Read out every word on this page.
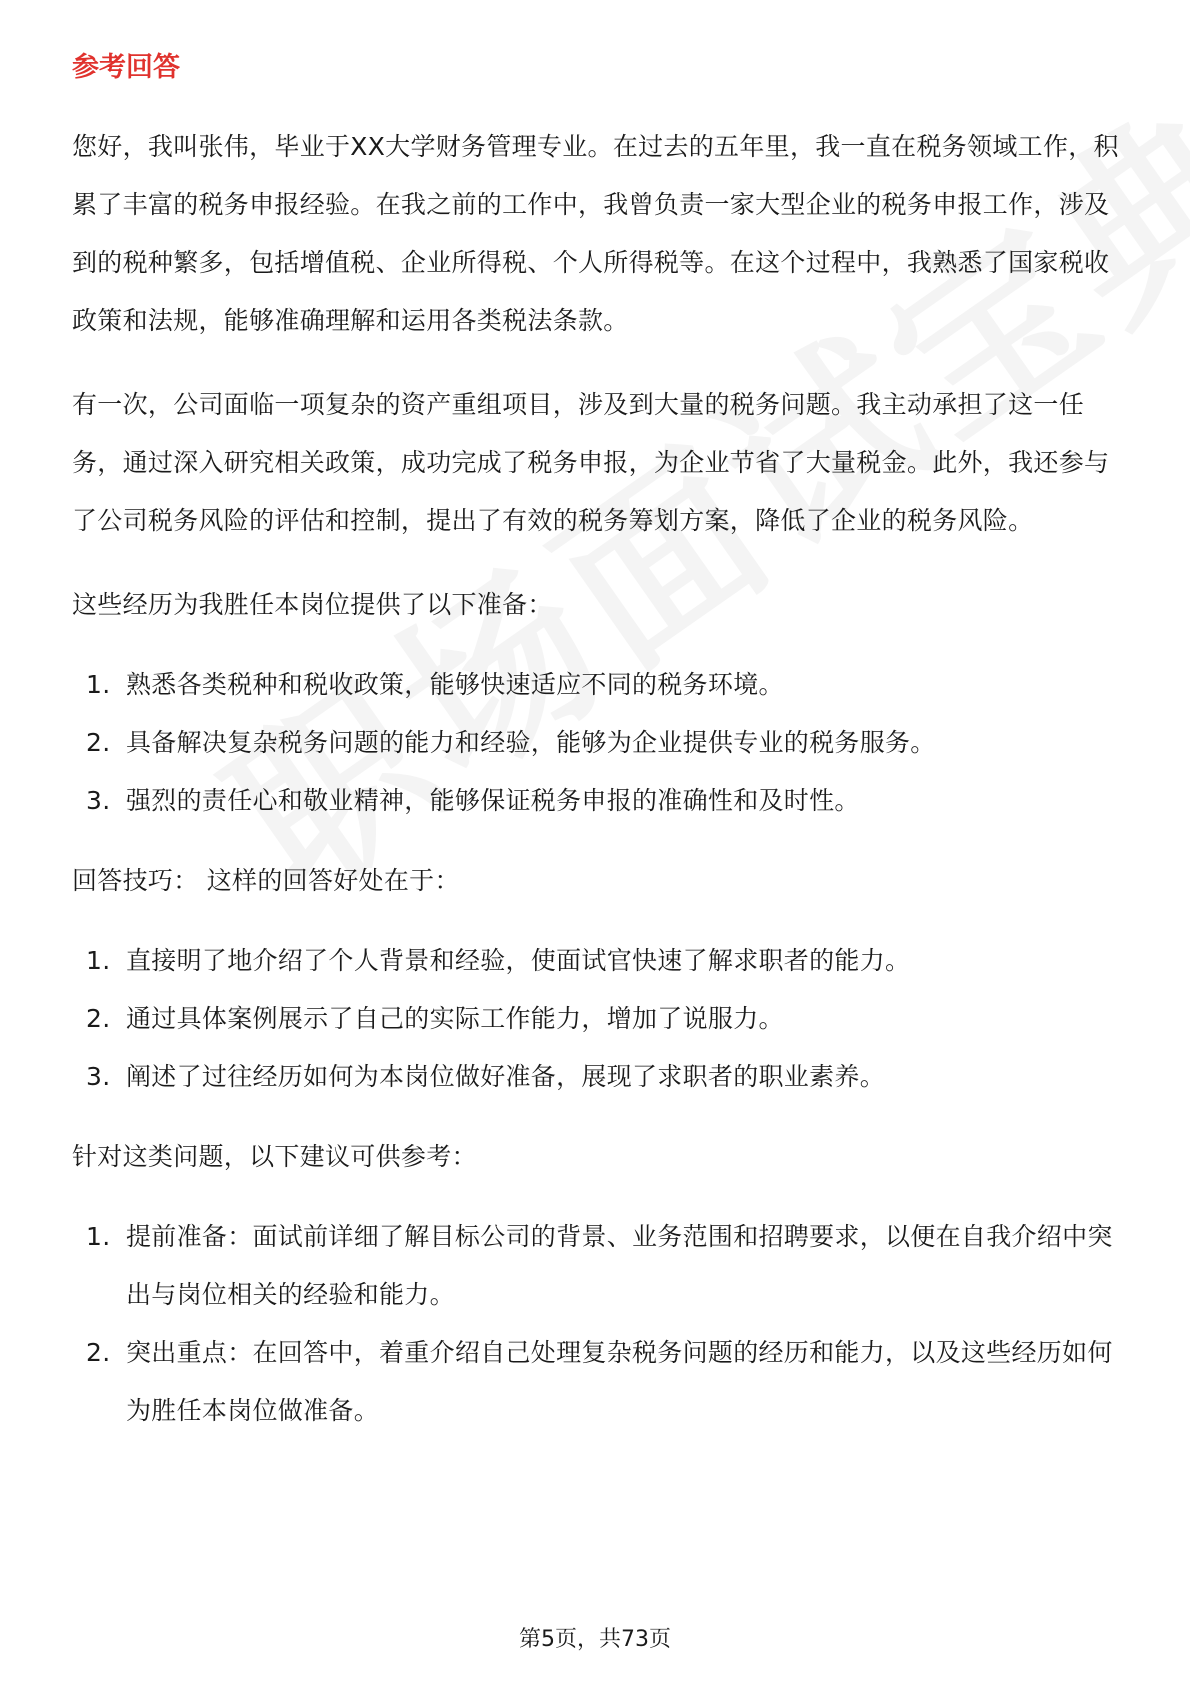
参考回答

您好，我叫张伟，毕业于XX大学财务管理专业。在过去的五年里，我一直在税务领域工作，积累了丰富的税务申报经验。在我之前的工作中，我曾负责一家大型企业的税务申报工作，涉及到的税种繁多，包括增值税、企业所得税、个人所得税等。在这个过程中，我熟悉了国家税收政策和法规，能够准确理解和运用各类税法条款。

有一次，公司面临一项复杂的资产重组项目，涉及到大量的税务问题。我主动承担了这一任务，通过深入研究相关政策，成功完成了税务申报，为企业节省了大量税金。此外，我还参与了公司税务风险的评估和控制，提出了有效的税务筹划方案，降低了企业的税务风险。

这些经历为我胜任本岗位提供了以下准备：

1. 熟悉各类税种和税收政策，能够快速适应不同的税务环境。
2. 具备解决复杂税务问题的能力和经验，能够为企业提供专业的税务服务。
3. 强烈的责任心和敬业精神，能够保证税务申报的准确性和及时性。

回答技巧： 这样的回答好处在于：

1. 直接明了地介绍了个人背景和经验，使面试官快速了解求职者的能力。
2. 通过具体案例展示了自己的实际工作能力，增加了说服力。
3. 阐述了过往经历如何为本岗位做好准备，展现了求职者的职业素养。

针对这类问题，以下建议可供参考：

1. 提前准备：面试前详细了解目标公司的背景、业务范围和招聘要求，以便在自我介绍中突出与岗位相关的经验和能力。
2. 突出重点：在回答中，着重介绍自己处理复杂税务问题的经历和能力，以及这些经历如何为胜任本岗位做准备。
第5页，共73页
